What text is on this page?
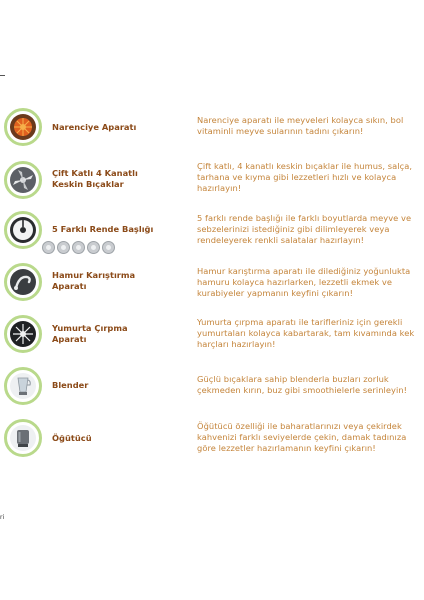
Narenciye Aparatı
Narenciye aparatı ile meyveleri kolayca sıkın, bol vitaminli meyve sularının tadını çıkarın!
Çift Katlı 4 Kanatlı Keskin Bıçaklar
Çift katlı, 4 kanatlı keskin bıçaklar ile humus, salça, tarhana ve kıyma gibi lezzetleri hızlı ve kolayca hazırlayın!
5 Farklı Rende Başlığı
5 farklı rende başlığı ile farklı boyutlarda meyve ve sebzelerinizi istediğiniz gibi dilimleyerek veya rendeleyerek renkli salatalar hazırlayın!
Hamur Karıştırma Aparatı
Hamur karıştırma aparatı ile dilediğiniz yoğunlukta hamuru kolayca hazırlarken, lezzetli ekmek ve kurabiyeler yapmanın keyfini çıkarın!
Yumurta Çırpma Aparatı
Yumurta çırpma aparatı ile tarifleriniz için gerekli yumurtaları kolayca kabartarak, tam kıvamında kek harçları hazırlayın!
Blender
Güçlü bıçaklara sahip blenderla buzları zorluk çekmeden kırın, buz gibi smoothielerle serinleyin!
Öğütücü
Öğütücü özelliği ile baharatlarınızı veya çekirdek kahvenizi farklı seviyelerde çekin, damak tadınıza göre lezzetler hazırlamanın keyfini çıkarın!
ri
